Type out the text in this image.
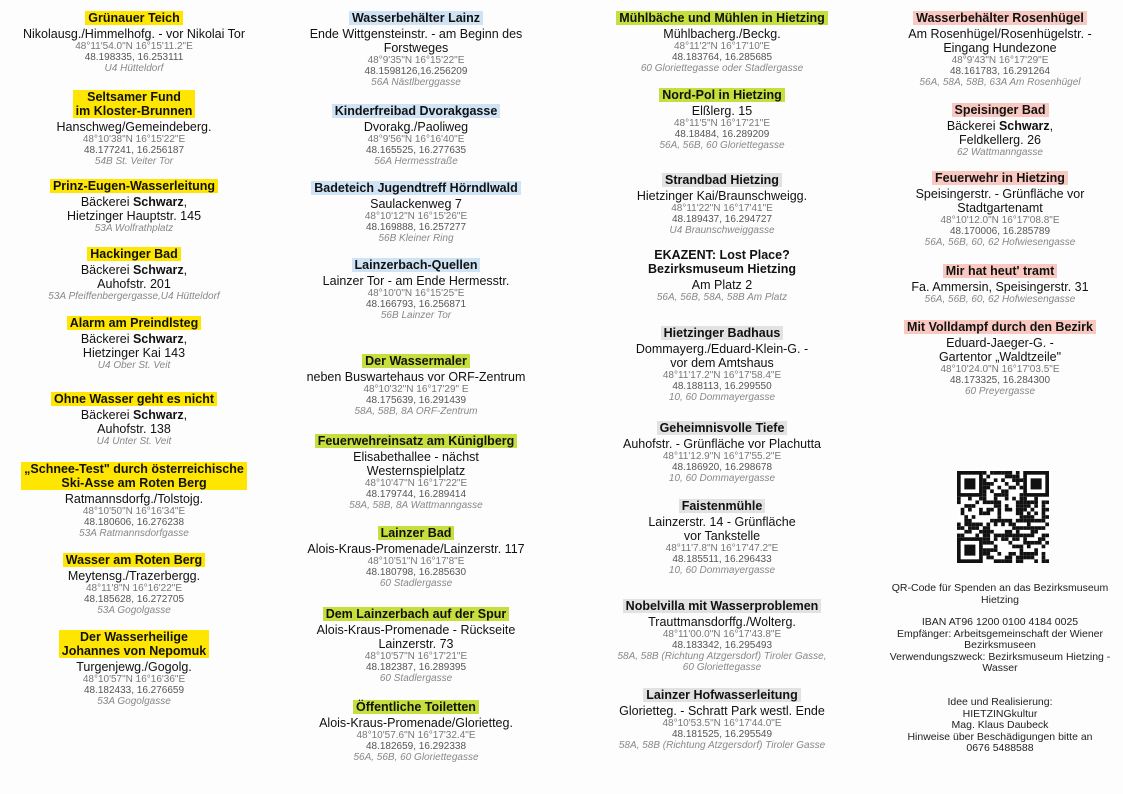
Grünauer Teich
Nikolausg./Himmelhofg. - vor Nikolai Tor
48°11'54.0"N 16°15'11.2"E
48.198335, 16.253111
U4 Hütteldorf
Seltsamer Fund
im Kloster-Brunnen
Hanschweg/Gemeindeberg.
48°10'38"N 16°15'22"E
48.177241, 16.256187
54B St. Veiter Tor
Prinz-Eugen-Wasserleitung
Bäckerei Schwarz,
Hietzinger Hauptstr. 145
53A Wolfrathplatz
Hackinger Bad
Bäckerei Schwarz,
Auhofstr. 201
53A Pfeiffenbergergasse,U4 Hütteldorf
Alarm am Preindlsteg
Bäckerei Schwarz,
Hietzinger Kai 143
U4 Ober St. Veit
Ohne Wasser geht es nicht
Bäckerei Schwarz,
Auhofstr. 138
U4 Unter St. Veit
„Schnee-Test" durch österreichische
Ski-Asse am Roten Berg
Ratmannsdorfg./Tolstojg.
48°10'50"N 16°16'34"E
48.180606, 16.276238
53A Ratmannsdorfgasse
Wasser am Roten Berg
Meytensg./Trazerbergg.
48°11'8"N 16°16'22"E
48.185628, 16.272705
53A Gogolgasse
Der Wasserheilige
Johannes von Nepomuk
Turgenjewg./Gogolg.
48°10'57"N 16°16'36"E
48.182433, 16.276659
53A Gogolgasse
Wasserbehälter Lainz
Ende Wittgensteinstr. - am Beginn des
Forstweges
48°9'35"N 16°15'22"E
48.1598126,16.256209
56A Nästlberggasse
Kinderfreibad Dvorakgasse
Dvorakg./Paoliweg
48°9'56"N 16°16'40"E
48.165525, 16.277635
56A Hermesstraße
Badeteich Jugendtreff Hörndlwald
Saulackenweg 7
48°10'12"N 16°15'26"E
48.169888, 16.257277
56B Kleiner Ring
Lainzerbach-Quellen
Lainzer Tor - am Ende Hermesstr.
48°10'0"N 16°15'25"E
48.166793, 16.256871
56B Lainzer Tor
Der Wassermaler
neben Buswartehaus vor ORF-Zentrum
48°10'32"N 16°17'29" E
48.175639, 16.291439
58A, 58B, 8A ORF-Zentrum
Feuerwehreinsatz am Küniglberg
Elisabethallee - nächst
Westernspielplatz
48°10'47"N 16°17'22"E
48.179744, 16.289414
58A, 58B, 8A Wattmanngasse
Lainzer Bad
Alois-Kraus-Promenade/Lainzerstr. 117
48°10'51"N 16°17'8"E
48.180798, 16.285630
60 Stadlergasse
Dem Lainzerbach auf der Spur
Alois-Kraus-Promenade - Rückseite
Lainzerstr. 73
48°10'57"N 16°17'21"E
48.182387, 16.289395
60 Stadlergasse
Öffentliche Toiletten
Alois-Kraus-Promenade/Glorietteg.
48°10'57.6"N 16°17'32.4"E
48.182659, 16.292338
56A, 56B, 60 Gloriettegasse
Mühlbäche und Mühlen in Hietzing
Mühlbacherg./Beckg.
48°11'2"N 16°17'10"E
48.183764, 16.285685
60 Gloriettegasse oder Stadlergasse
Nord-Pol in Hietzing
Elßlerg. 15
48°11'5"N 16°17'21"E
48.18484, 16.289209
56A, 56B, 60 Gloriettegasse
Strandbad Hietzing
Hietzinger Kai/Braunschweigg.
48°11'22"N 16°17'41"E
48.189437, 16.294727
U4 Braunschweiggasse
EKAZENT: Lost Place?
Bezirksmuseum Hietzing
Am Platz 2
56A, 56B, 58A, 58B Am Platz
Hietzinger Badhaus
Dommayerg./Eduard-Klein-G. -
vor dem Amtshaus
48°11'17.2"N 16°17'58.4"E
48.188113, 16.299550
10, 60 Dommayergasse
Geheimnisvolle Tiefe
Auhofstr. - Grünfläche vor Plachutta
48°11'12.9"N 16°17'55.2"E
48.186920, 16.298678
10, 60 Dommayergasse
Faistenmühle
Lainzerstr. 14 - Grünfläche
vor Tankstelle
48°11'7.8"N 16°17'47.2"E
48.185511, 16.296433
10, 60 Dommayergasse
Nobelvilla mit Wasserproblemen
Trauttmansdorffg./Wolterg.
48°11'00.0"N 16°17'43.8"E
48.183342, 16.295493
58A, 58B (Richtung Atzgersdorf) Tiroler Gasse,
60 Gloriettegasse
Lainzer Hofwasserleitung
Glorietteg. - Schratt Park westl. Ende
48°10'53.5"N 16°17'44.0"E
48.181525, 16.295549
58A, 58B (Richtung Atzgersdorf) Tiroler Gasse
Wasserbehälter Rosenhügel
Am Rosenhügel/Rosenhügelstr. -
Eingang Hundezone
48°9'43"N 16°17'29"E
48.161783, 16.291264
56A, 58A, 58B, 63A Am Rosenhügel
Speisinger Bad
Bäckerei Schwarz,
Feldkellerg. 26
62 Wattmanngasse
Feuerwehr in Hietzing
Speisingerstr. - Grünfläche vor
Stadtgartenamt
48°10'12.0"N 16°17'08.8"E
48.170006, 16.285789
56A, 56B, 60, 62 Hofwiesengasse
Mir hat heut' tramt
Fa. Ammersin, Speisingerstr. 31
56A, 56B, 60, 62 Hofwiesengasse
Mit Volldampf durch den Bezirk
Eduard-Jaeger-G. -
Gartentor „Waldtzeile"
48°10'24.0"N 16°17'03.5"E
48.173325, 16.284300
60 Preyergasse
QR-Code für Spenden an das Bezirksmuseum
Hietzing
IBAN AT96 1200 0100 4184 0025
Empfänger: Arbeitsgemeinschaft der Wiener
Bezirksmuseen
Verwendungszweck: Bezirksmuseum Hietzing -
Wasser
Idee und Realisierung:
HIETZINGkultur
Mag. Klaus Daubeck
Hinweise über Beschädigungen bitte an
0676 5488588
